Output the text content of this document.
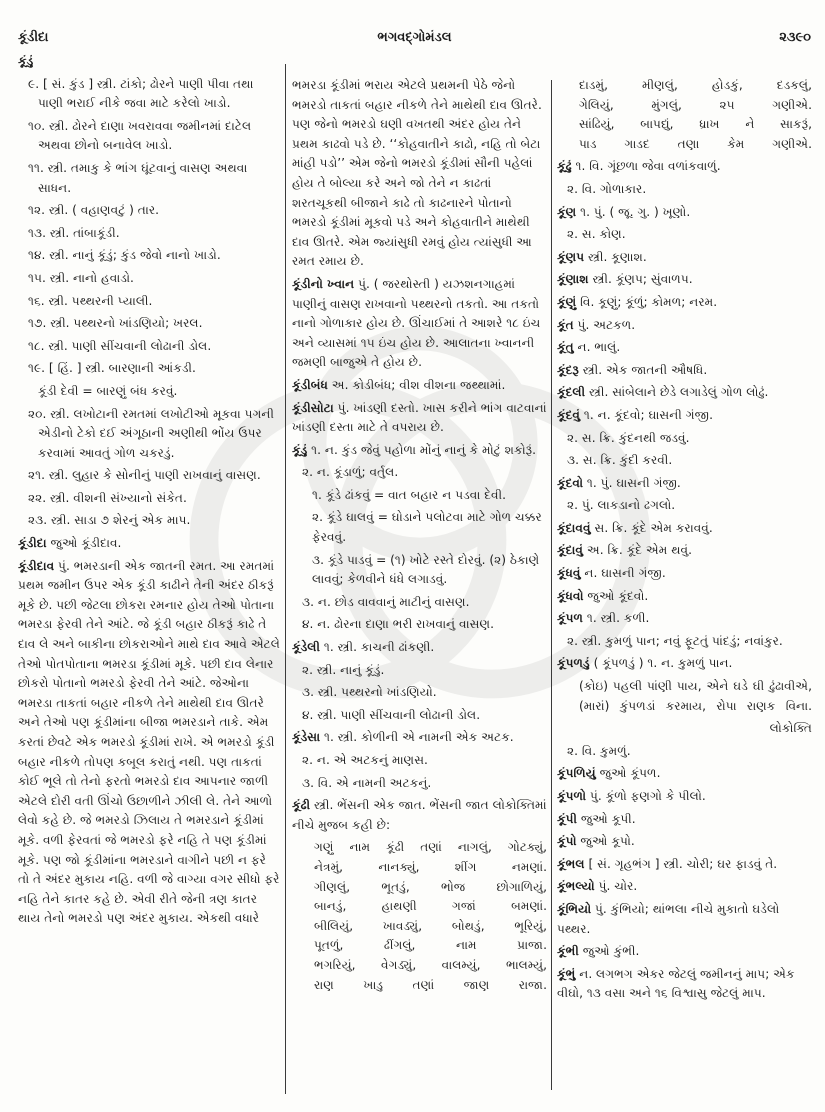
કૂંડીદા	ભગવદ્ગોમંડલ	૨૩૯૦
કૂંડું
૯. [ સં. કુંડ ] સ્ત્રી. ટાંકો; ઢોરને પાણી પીવા તથા પાણી ભરાઈ નીકે જવા માટે કરેલો ખાડો.
૧૦. સ્ત્રી. ઢોરને દાણા ખવરાવવા જમીનમાં દાટેલ અથવા છોનો બનાવેલ ખાડો.
૧૧. સ્ત્રી. તમાકુ કે ભાંગ ઘૂંટવાનું વાસણ અથવા સાધન.
૧૨. સ્ત્રી. ( વહાણવટું ) તાર.
૧૩. સ્ત્રી. તાંબાકૂંડી.
૧૪. સ્ત્રી. નાનું કૂંડું; કુંડ જેવો નાનો ખાડો.
૧૫. સ્ત્રી. નાનો હવાડો.
૧૬. સ્ત્રી. પથ્થરની પ્યાલી.
૧૭. સ્ત્રી. પથ્થરનો ખાંડણિયો; ખરલ.
૧૮. સ્ત્રી. પાણી સીંચવાની લોઢાની ડોલ.
૧૯. [ હિં. ] સ્ત્રી. બારણાની આંકડી.
કૂંડી દેવી = બારણું બંધ કરવું.
૨૦. સ્ત્રી. લખોટાની રમતમાં લખોટીઓ મૂકવા પગની એડીનો ટેકો દઈ અંગૂઠાની અણીથી ભોંય ઉપર કરવામાં આવતું ગોળ ચકરડું.
૨૧. સ્ત્રી. લુહાર કે સોનીનું પાણી રાખવાનું વાસણ.
૨૨. સ્ત્રી. વીશની સંખ્યાનો સંકેત.
૨૩. સ્ત્રી. સાડા ૭ શેરનું એક માપ.
કૂંડીદા જુઓ કૂંડીદાવ.
કૂંડીદાવ પું. ભમરડાની એક જાતની રમત. આ રમતમાં પ્રથમ જમીન ઉપર એક કૂંડી કાઢીને તેની અંદર ઠીકરૂં મૂકે છે. પછી જેટલા છોકરા રમનાર હોય તેઓ પોતાના ભમરડા ફેરવી તેને આંટે. જે કૂંડી બહાર ઠીકરૂં કાઢે તે દાવ લે અને બાકીના છોકરાઓને માથે દાવ આવે એટલે તેઓ પોતપોતાના ભમરડા કૂંડીમાં મૂકે. પછી દાવ લેનાર છોકરો પોતાનો ભમરડો ફેરવી તેને આંટે. જેઓના ભમરડા તાકતાં બહાર નીકળે તેને માથેથી દાવ ઊતરે અને તેઓ પણ કૂંડીમાંના બીજા ભમરડાને તાકે. એમ કરતાં છેવટે એક ભમરડો કૂંડીમાં રાખે. એ ભમરડો કૂંડી બહાર નીકળે તોપણ કબૂલ કરાતું નથી. પણ તાકતાં કોઈ ભૂલે તો તેનો ફરતો ભમરડો દાવ આપનાર જાળી એટલે દોરી વતી ઊંચો ઉછાળીને ઝીલી લે. તેને આળો લેવો કહે છે. જે ભમરડો ઝિલાય તે ભમરડાને કૂંડીમાં મૂકે. વળી ફેરવતાં જે ભમરડો ફરે નહિ તે પણ કૂંડીમાં મૂકે. પણ જો કૂંડીમાંના ભમરડાને વાગીને પછી ન ફરે તો તે અંદર મુકાય નહિ. વળી જે વાગ્યા વગર સીધો ફરે નહિ તેને કાતર કહે છે. એવી રીતે જેની ત્રણ કાતર થાય તેનો ભમરડો પણ અંદર મુકાય. એકથી વધારે
ભમરડા કૂંડીમાં ભરાય એટલે પ્રથમની પેઠે જેનો ભમરડો તાકતાં બહાર નીકળે તેને માથેથી દાવ ઊતરે. પણ જેનો ભમરડો ઘણી વખતથી અંદર હોય તેને પ્રથમ કાઢવો પડે છે. ‘‘કોહવાતીને કાઢો, નહિ તો બેટા માંહી પડો’’ એમ જેનો ભમરડો કૂંડીમાં સૌની પહેલાં હોય તે બોલ્યા કરે અને જો તેને ન કાઢતાં શરતચૂકથી બીજાને કાઢે તો કાઢનારને પોતાનો ભમરડો કૂંડીમાં મૂકવો પડે અને કોહવાતીને માથેથી દાવ ઊતરે. એમ જ્યાંસુધી રમવું હોય ત્યાંસુધી આ રમત રમાય છે.
કૂંડીનો ખ્વાન પું. ( જરથોસ્તી ) યઝશનગાહમાં પાણીનું વાસણ રાખવાનો પથ્થરનો તકતો. આ તકતો નાનો ગોળાકાર હોય છે. ઊંચાઈમાં તે આશરે ૧૮ ઇંચ અને વ્યાસમાં ૧૫ ઇંચ હોય છે. આલાતના ખ્વાનની જમણી બાજુએ તે હોય છે.
કૂંડીબંધ અ. કોડીબંધ; વીશ વીશના જથ્થામાં.
કૂંડીસોટા પું. ખાંડણી દસ્તો. ખાસ કરીને ભાંગ વાટવાનાં ખાંડણી દસ્તા માટે તે વપરાય છે.
કૂંડું ૧. ન. કુંડ જેવું પહોળા મોંનું નાનું કે મોટું શકોરૂં.
૨. ન. કૂંડાળું; વર્તુલ.
૧. કૂંડે ઢાંકવું = વાત બહાર ન પડવા દેવી.
૨. કૂંડે ઘાલવું = ઘોડાને પલોટવા માટે ગોળ ચક્કર ફેરવવું.
૩. કૂંડે પાડવું = (૧) ખોટે રસ્તે દોરવું. (૨) ઠેકાણે લાવવું; કેળવીને ધંધે લગાડવું.
૩. ન. છોડ વાવવાનું માટીનું વાસણ.
૪. ન. ઢોરના દાણા ભરી રાખવાનું વાસણ.
કૂંડેલી ૧. સ્ત્રી. કાચની ઢાંકણી.
૨. સ્ત્રી. નાનું કૂંડું.
૩. સ્ત્રી. પથ્થરનો ખાંડણિયો.
૪. સ્ત્રી. પાણી સીંચવાની લોઢાની ડોલ.
કૂંડેસા ૧. સ્ત્રી. કોળીની એ નામની એક અટક.
૨. ન. એ અટકનું માણસ.
૩. વિ. એ નામની અટકનું.
કૂંઢી સ્ત્રી. ભેંસની એક જાત. ભેંસની જાત લોકોક્તિમાં નીચે મુજબ કહી છે:
ગણું નામ કૂંઢી તણાં નાગલું, ગોટક્યું,
નેત્રમું, નાનક્યું, શીંગ નમણાં.
ગીણલું, ભૂતડું, ભોજ છોગાળિયું,
બાનડું, હાથણી ગજાં બમણાં.
બીલિયું, ખાવડ્યું, બોથડું, ભૂરિયું,
પૂતળું, ઢીંગલું, નામ પ્રાજા.
ભગરિયું, વેગડ્યું, વાલમ્યું, ભાલમ્યું,
રાણ ખાડુ તણાં જાણ રાજા.
દાડમું, મીણલું, હોડકું, દડકલું,
ગેલિયું, મુંગલું, ૨૫ ગણીએ.
સાંઢિયું, બાપદ્યું, ધ્રાખ ને સાકરૂં,
પાડ ગાડદ તણા કેમ ગણીએ.
કૂંઢું ૧. વિ. ગૂંછળા જેવા વળાંકવાળું.
૨. વિ. ગોળાકાર.
કૂંણ ૧. પું. ( જૂ. ગુ. ) ખૂણો.
૨. સ. કોણ.
કૂંણપ સ્ત્રી. કૂણાશ.
કૂંણાશ સ્ત્રી. કૂંણપ; સુંવાળપ.
કૂંણું વિ. કૂણું; કૂંળું; કોમળ; નરમ.
કૂંત પું. અટકળ.
કૂંતુ ન. ભાલું.
કૂંદરૂ સ્ત્રી. એક જાતની ઔષધિ.
કૂંદલી સ્ત્રી. સાંબેલાને છેડે લગાડેલું ગોળ લોઢું.
કૂંદવું ૧. ન. કૂંદવો; ઘાસની ગંજી.
૨. સ. ક્રિ. કુંદનથી જડવું.
૩. સ. ક્રિ. કુંદી કરવી.
કૂંદવો ૧. પું. ઘાસની ગંજી.
૨. પું. લાકડાનો ઢગલો.
કૂંદાવવું સ. ક્રિ. કૂંદે એમ કરાવવું.
કૂંદાવું અ. ક્રિ. કૂંદે એમ થવું.
કૂંધવું ન. ઘાસની ગંજી.
કૂંધવો જુઓ કૂંદવો.
કૂંપળ ૧. સ્ત્રી. કળી.
૨. સ્ત્રી. કુમળું પાન; નવું ફૂટતું પાંદડું; નવાંકુર.
કૂંપળડું ( કૂંપળડું ) ૧. ન. કુમળું પાન.
(કોઇ) પહલી પાંણી પાય, એને ઘડે ઘી ઢુંઢાવીએ,
(મારાં) કુંપળડાં કરમાય, રોપા રાણક વિના.
લોકોક્તિ
૨. વિ. કુમળું.
કૂંપળિયું જુઓ કૂંપળ.
કૂંપળો પું. કૂંળો ફણગો કે પીલો.
કૂંપી જુઓ કૂપી.
કૂંપો જુઓ કૂપો.
કૂંભલ [ સં. ગૃહભંગ ] સ્ત્રી. ચોરી; ઘર ફાડવું તે.
કૂંભલ્યો પું. ચોર.
કૂંભિયો પું. કુંભિયો; થાંભલા નીચે મુકાતો ઘડેલો પથ્થર.
કૂંભી જુઓ કુંભી.
કૂંભું ન. લગભગ એકર જેટલું જમીનનું માપ; એક વીઘો, ૧૩ વસા અને ૧૬ વિશ્વાસુ જેટલું માપ.
